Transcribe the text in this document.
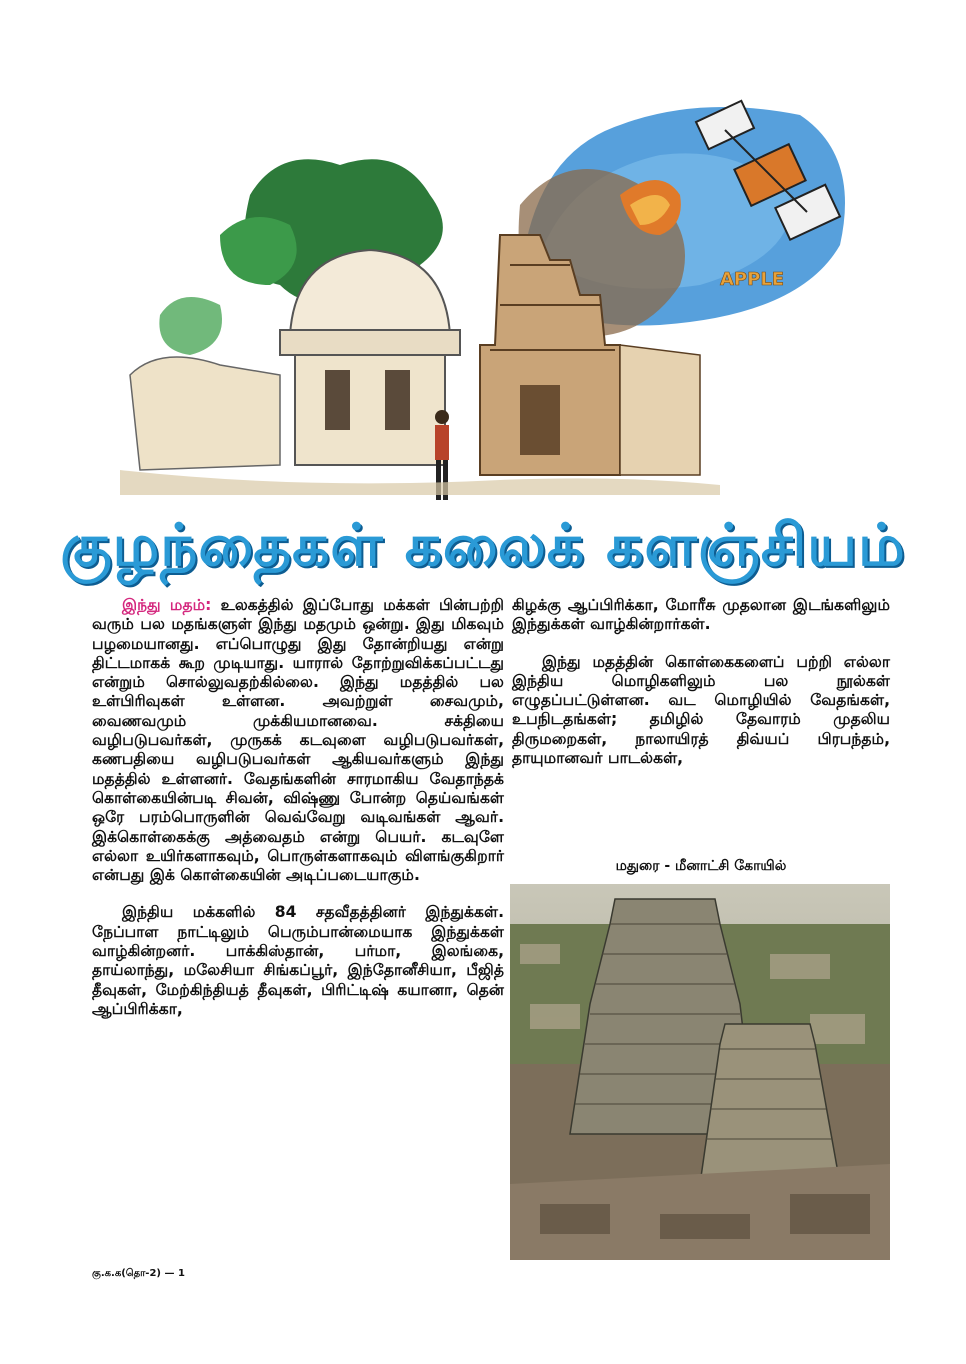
APPLE
குழந்தைகள் கலைக் களஞ்சியம்

இந்து மதம்: உலகத்தில் இப்போது மக்கள் பின்பற்றி வரும் பல மதங்களுள் இந்து மதமும் ஒன்று. இது மிகவும் பழமையானது. எப்பொழுது இது தோன்றியது என்று திட்டமாகக் கூற முடியாது. யாரால் தோற்றுவிக்கப்பட்டது என்றும் சொல்லுவதற்கில்லை. இந்து மதத்தில் பல உள்பிரிவுகள் உள்ளன. அவற்றுள் சைவமும், வைணவமும் முக்கியமானவை. சக்தியை வழிபடுபவர்கள், முருகக் கடவுளை வழிபடுபவர்கள், கணபதியை வழிபடுபவர்கள் ஆகியவர்களும் இந்து மதத்தில் உள்ளனர். வேதங்களின் சாரமாகிய வேதாந்தக் கொள்கையின்படி சிவன், விஷ்ணு போன்ற தெய்வங்கள் ஒரே பரம்பொருளின் வெவ்வேறு வடிவங்கள் ஆவர். இக்கொள்கைக்கு அத்வைதம் என்று பெயர். கடவுளே எல்லா உயிர்களாகவும், பொருள்களாகவும் விளங்குகிறார் என்பது இக் கொள்கையின் அடிப்படையாகும்.

இந்திய மக்களில் 84 சதவீதத்தினர் இந்துக்கள். நேப்பாள நாட்டிலும் பெரும்பான்மையாக இந்துக்கள் வாழ்கின்றனர். பாக்கிஸ்தான், பர்மா, இலங்கை, தாய்லாந்து, மலேசியா சிங்கப்பூர், இந்தோனீசியா, பீஜித் தீவுகள், மேற்கிந்தியத் தீவுகள், பிரிட்டிஷ் கயானா, தென் ஆப்பிரிக்கா,

கிழக்கு ஆப்பிரிக்கா, மோரீசு முதலான இடங்களிலும் இந்துக்கள் வாழ்கின்றார்கள்.

இந்து மதத்தின் கொள்கைகளைப் பற்றி எல்லா இந்திய மொழிகளிலும் பல நூல்கள் எழுதப்பட்டுள்ளன. வட மொழியில் வேதங்கள், உபநிடதங்கள்; தமிழில் தேவாரம் முதலிய திருமறைகள், நாலாயிரத் திவ்யப் பிரபந்தம், தாயுமானவர் பாடல்கள்,

மதுரை - மீனாட்சி கோயில்
கு.க.க(தொ-2) — 1
